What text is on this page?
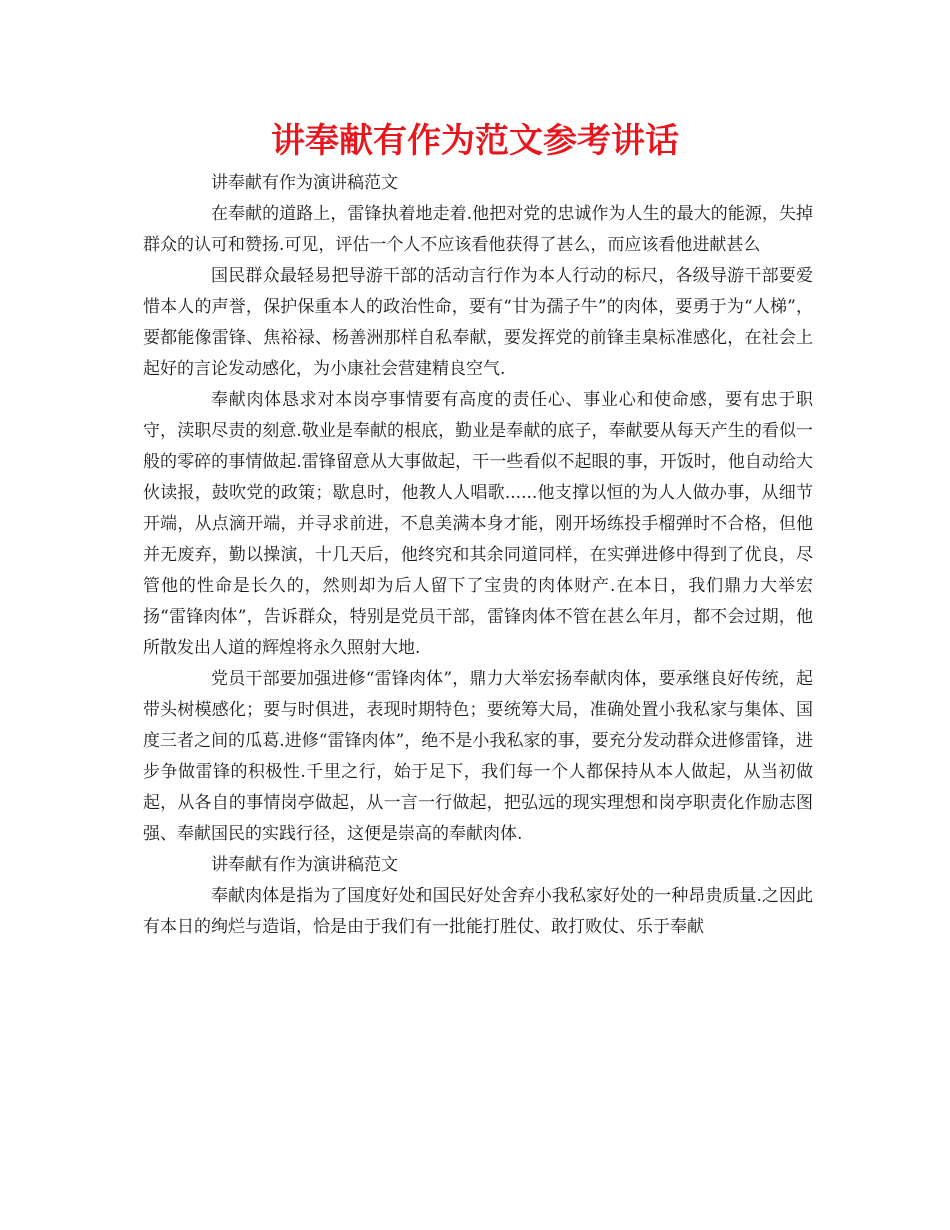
讲奉献有作为范文参考讲话

讲奉献有作为演讲稿范文

在奉献的道路上，雷锋执着地走着.他把对党的忠诚作为人生的最大的能源，失掉群众的认可和赞扬.可见，评估一个人不应该看他获得了甚么，而应该看他进献甚么

国民群众最轻易把导游干部的活动言行作为本人行动的标尺，各级导游干部要爱惜本人的声誉，保护保重本人的政治性命，要有“甘为孺子牛”的肉体，要勇于为“人梯”，要都能像雷锋、焦裕禄、杨善洲那样自私奉献，要发挥党的前锋圭臬标准感化，在社会上起好的言论发动感化，为小康社会营建精良空气.

奉献肉体恳求对本岗亭事情要有高度的责任心、事业心和使命感，要有忠于职守，渎职尽责的刻意.敬业是奉献的根底，勤业是奉献的底子，奉献要从每天产生的看似一般的零碎的事情做起.雷锋留意从大事做起，干一些看似不起眼的事，开饭时，他自动给大伙读报，鼓吹党的政策；歇息时，他教人人唱歌......他支撑以恒的为人人做办事，从细节开端，从点滴开端，并寻求前进，不息美满本身才能，刚开场练投手榴弹时不合格，但他并无废弃，勤以操演，十几天后，他终究和其余同道同样，在实弹进修中得到了优良，尽管他的性命是长久的，然则却为后人留下了宝贵的肉体财产.在本日，我们鼎力大举宏扬“雷锋肉体”，告诉群众，特别是党员干部，雷锋肉体不管在甚么年月，都不会过期，他所散发出人道的辉煌将永久照射大地.

党员干部要加强进修“雷锋肉体”，鼎力大举宏扬奉献肉体，要承继良好传统，起带头树模感化；要与时俱进，表现时期特色；要统筹大局，准确处置小我私家与集体、国度三者之间的瓜葛.进修“雷锋肉体”，绝不是小我私家的事，要充分发动群众进修雷锋，进步争做雷锋的积极性.千里之行，始于足下，我们每一个人都保持从本人做起，从当初做起，从各自的事情岗亭做起，从一言一行做起，把弘远的现实理想和岗亭职责化作励志图强、奉献国民的实践行径，这便是崇高的奉献肉体.

讲奉献有作为演讲稿范文

奉献肉体是指为了国度好处和国民好处舍弃小我私家好处的一种昂贵质量.之因此有本日的绚烂与造诣，恰是由于我们有一批能打胜仗、敢打败仗、乐于奉献
